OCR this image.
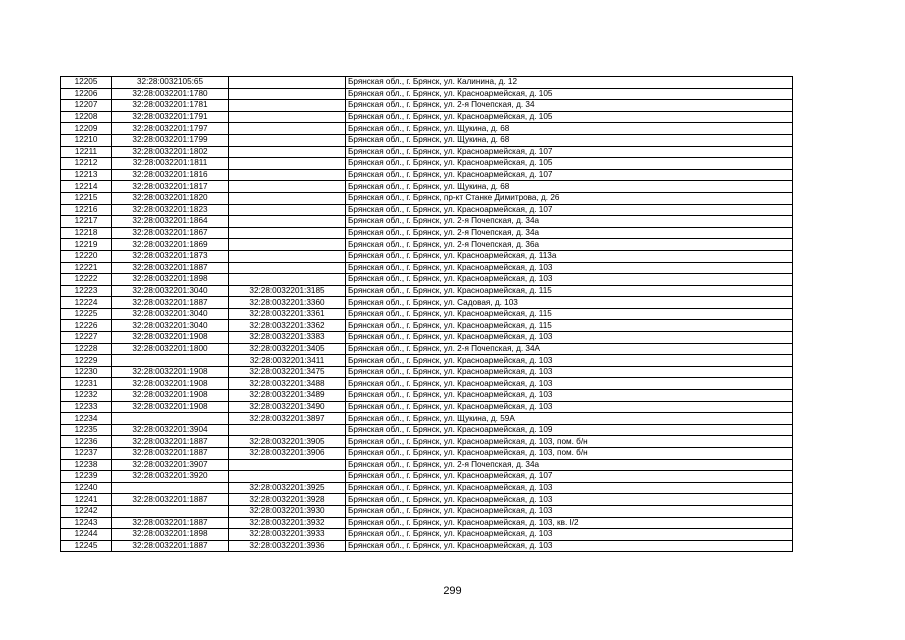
12205	32:28:0032105:65		Брянская обл., г. Брянск, ул. Калинина, д. 12
12206	32:28:0032201:1780		Брянская обл., г. Брянск, ул. Красноармейская, д. 105
12207	32:28:0032201:1781		Брянская обл., г. Брянск, ул. 2-я Почепская, д. 34
12208	32:28:0032201:1791		Брянская обл., г. Брянск, ул. Красноармейская, д. 105
12209	32:28:0032201:1797		Брянская обл., г. Брянск, ул. Щукина, д. 68
12210	32:28:0032201:1799		Брянская обл., г. Брянск, ул. Щукина, д. 68
12211	32:28:0032201:1802		Брянская обл., г. Брянск, ул. Красноармейская, д. 107
12212	32:28:0032201:1811		Брянская обл., г. Брянск, ул. Красноармейская, д. 105
12213	32:28:0032201:1816		Брянская обл., г. Брянск, ул. Красноармейская, д. 107
12214	32:28:0032201:1817		Брянская обл., г. Брянск, ул. Щукина, д. 68
12215	32:28:0032201:1820		Брянская обл., г. Брянск, пр-кт Станке Димитрова, д. 26
12216	32:28:0032201:1823		Брянская обл., г. Брянск, ул. Красноармейская, д. 107
12217	32:28:0032201:1864		Брянская обл., г. Брянск, ул. 2-я Почепская, д. 34а
12218	32:28:0032201:1867		Брянская обл., г. Брянск, ул. 2-я Почепская, д. 34а
12219	32:28:0032201:1869		Брянская обл., г. Брянск, ул. 2-я Почепская, д. 36а
12220	32:28:0032201:1873		Брянская обл., г. Брянск, ул. Красноармейская, д. 113а
12221	32:28:0032201:1887		Брянская обл., г. Брянск, ул. Красноармейская, д. 103
12222	32:28:0032201:1898		Брянская обл., г. Брянск, ул. Красноармейская, д. 103
12223	32:28:0032201:3040	32:28:0032201:3185	Брянская обл., г. Брянск, ул. Красноармейская, д. 115
12224	32:28:0032201:1887	32:28:0032201:3360	Брянская обл., г. Брянск, ул. Садовая, д. 103
12225	32:28:0032201:3040	32:28:0032201:3361	Брянская обл., г. Брянск, ул. Красноармейская, д. 115
12226	32:28:0032201:3040	32:28:0032201:3362	Брянская обл., г. Брянск, ул. Красноармейская, д. 115
12227	32:28:0032201:1908	32:28:0032201:3383	Брянская обл., г. Брянск, ул. Красноармейская, д. 103
12228	32:28:0032201:1800	32:28:0032201:3405	Брянская обл., г. Брянск, ул. 2-я Почепская, д. 34А
12229		32:28:0032201:3411	Брянская обл., г. Брянск, ул. Красноармейская, д. 103
12230	32:28:0032201:1908	32:28:0032201:3475	Брянская обл., г. Брянск, ул. Красноармейская, д. 103
12231	32:28:0032201:1908	32:28:0032201:3488	Брянская обл., г. Брянск, ул. Красноармейская, д. 103
12232	32:28:0032201:1908	32:28:0032201:3489	Брянская обл., г. Брянск, ул. Красноармейская, д. 103
12233	32:28:0032201:1908	32:28:0032201:3490	Брянская обл., г. Брянск, ул. Красноармейская, д. 103
12234		32:28:0032201:3897	Брянская обл., г. Брянск, ул. Щукина, д. 59А
12235	32:28:0032201:3904		Брянская обл., г. Брянск, ул. Красноармейская, д. 109
12236	32:28:0032201:1887	32:28:0032201:3905	Брянская обл., г. Брянск, ул. Красноармейская, д. 103, пом. б/н
12237	32:28:0032201:1887	32:28:0032201:3906	Брянская обл., г. Брянск, ул. Красноармейская, д. 103, пом. б/н
12238	32:28:0032201:3907		Брянская обл., г. Брянск, ул. 2-я Почепская, д. 34а
12239	32:28:0032201:3920		Брянская обл., г. Брянск, ул. Красноармейская, д. 107
12240		32:28:0032201:3925	Брянская обл., г. Брянск, ул. Красноармейская, д. 103
12241	32:28:0032201:1887	32:28:0032201:3928	Брянская обл., г. Брянск, ул. Красноармейская, д. 103
12242		32:28:0032201:3930	Брянская обл., г. Брянск, ул. Красноармейская, д. 103
12243	32:28:0032201:1887	32:28:0032201:3932	Брянская обл., г. Брянск, ул. Красноармейская, д. 103, кв. I/2
12244	32:28:0032201:1898	32:28:0032201:3933	Брянская обл., г. Брянск, ул. Красноармейская, д. 103
12245	32:28:0032201:1887	32:28:0032201:3936	Брянская обл., г. Брянск, ул. Красноармейская, д. 103
299
